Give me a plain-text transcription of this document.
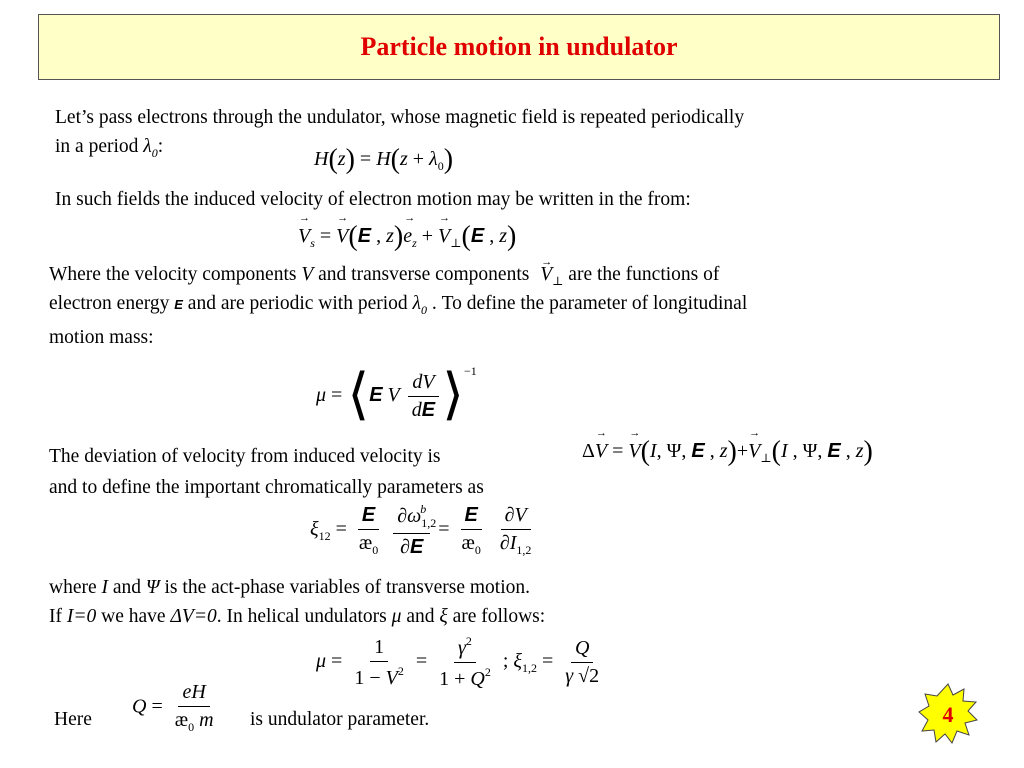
Particle motion in undulator
Let’s pass electrons through the undulator, whose magnetic field is repeated periodically
in a period $\lambda_0$:
$H(z) = H(z + \lambda_0)$
In such fields the induced velocity of electron motion may be written in the from:
→ $V_s$ = → V(E , $z)\to e_z$ + → $V_\perp(E$ , z)
Where the velocity components V and transverse components → $V_\perp$ are the functions of
electron energy E and are periodic with period $\lambda_0$ . To define the parameter of longitudinal
motion mass:
μ = ⟨E V $\frac{dV}{dE}$ ⟩$^{-1}$
The deviation of velocity from induced velocity is	Δ→ V = → V(I, Ψ, E , $z)+\to V_\perp(I$ , Ψ, E , z)
and to define the important chromatically parameters as
$\xi_{12} = \frac{E}{æ_0}$
$\frac{\partial\omega_{1,2}^b}{\partial E} = \frac{E}{æ_0}$
$\frac{\partial V}{\partial I_{1,2}}$
where I and Ψ is the act-phase variables of transverse motion.
If I=0 we have ΔV=0. In helical undulators μ and ξ are follows:
$\mu = \frac{1}{1 - V^2} = \frac{\gamma^2}{1 + Q^2}$ ; $\xi_{1,2} = \frac{Q}{\gamma √2}$
Here
$Q = \frac{eH}{æ_0 m}$ is undulator parameter.	4
